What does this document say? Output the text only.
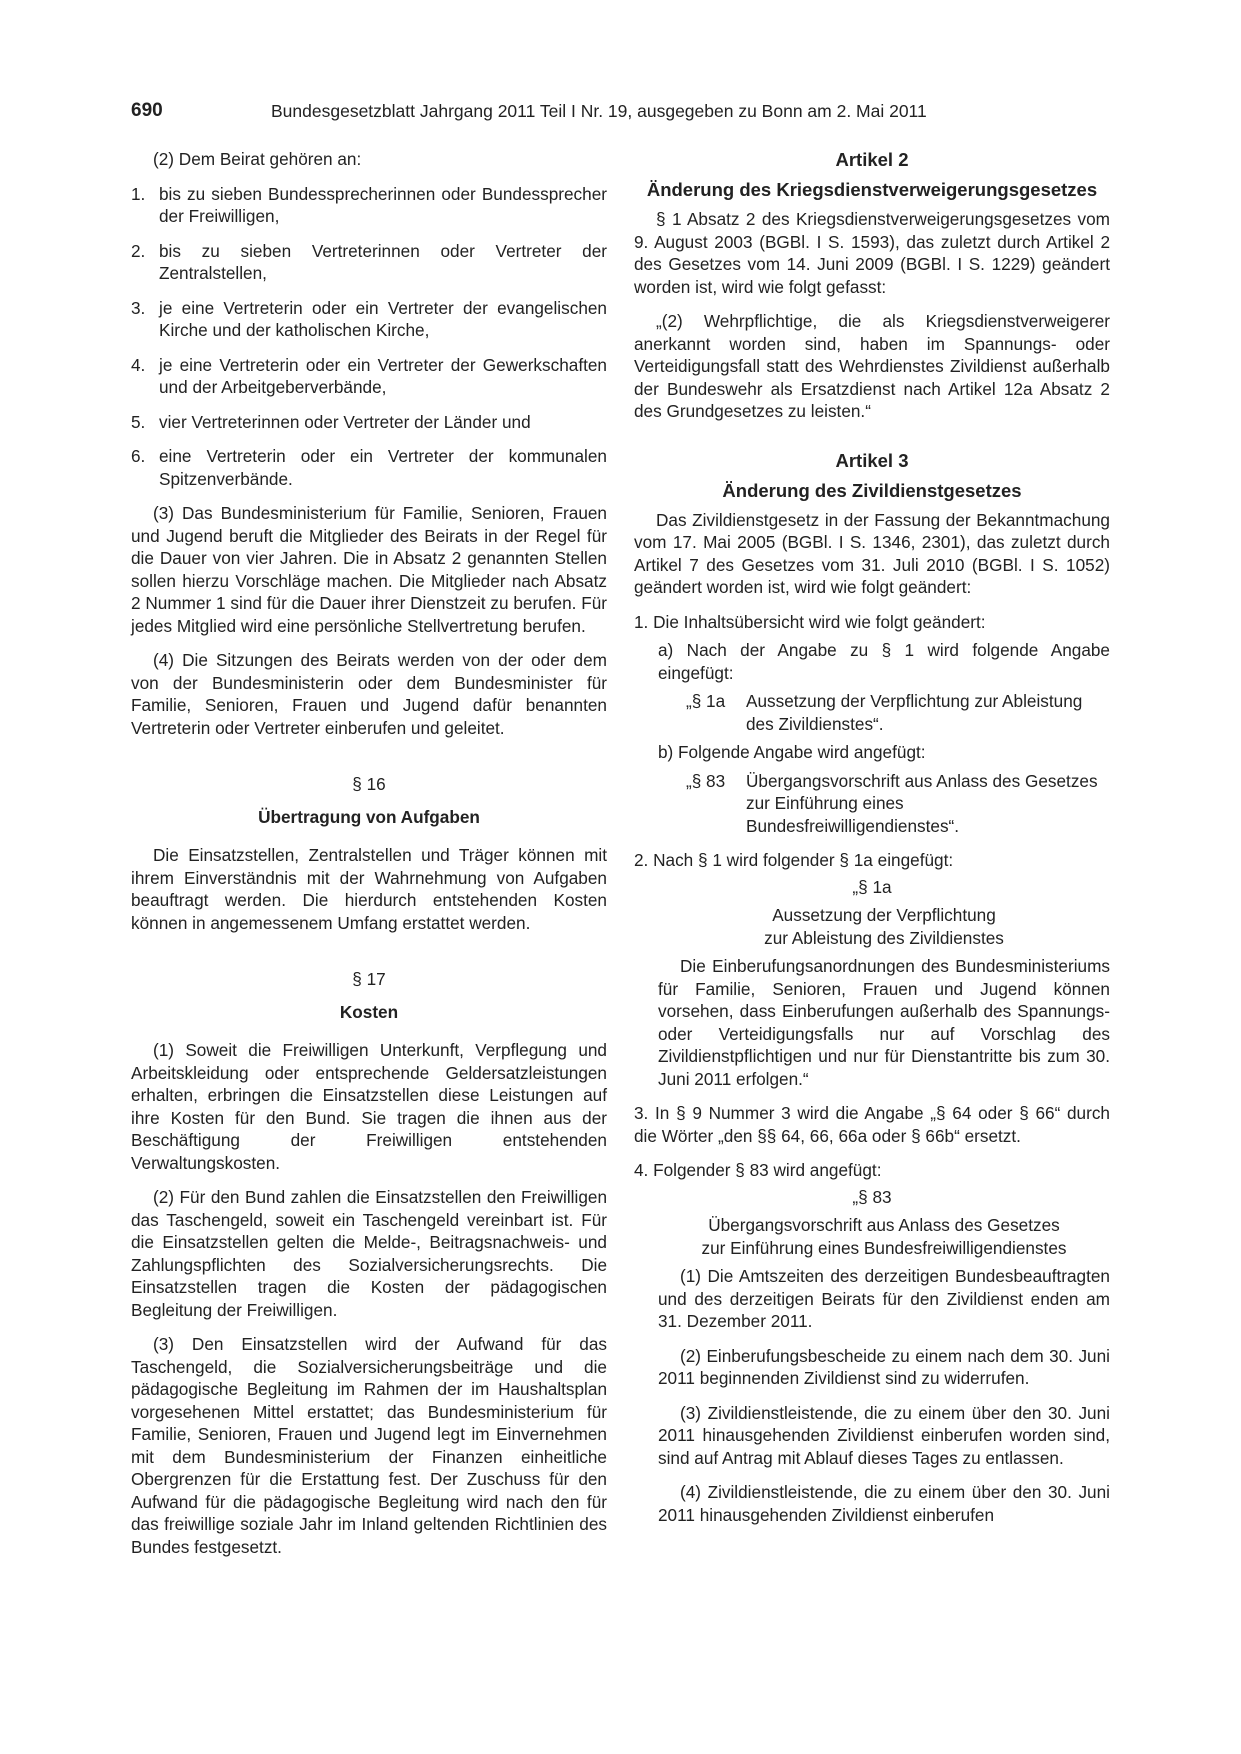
690	Bundesgesetzblatt Jahrgang 2011 Teil I Nr. 19, ausgegeben zu Bonn am 2. Mai 2011

(2) Dem Beirat gehören an:

1. bis zu sieben Bundessprecherinnen oder Bundessprecher der Freiwilligen,
2. bis zu sieben Vertreterinnen oder Vertreter der Zentralstellen,
3. je eine Vertreterin oder ein Vertreter der evangelischen Kirche und der katholischen Kirche,
4. je eine Vertreterin oder ein Vertreter der Gewerkschaften und der Arbeitgeberverbände,
5. vier Vertreterinnen oder Vertreter der Länder und
6. eine Vertreterin oder ein Vertreter der kommunalen Spitzenverbände.

(3) Das Bundesministerium für Familie, Senioren, Frauen und Jugend beruft die Mitglieder des Beirats in der Regel für die Dauer von vier Jahren. Die in Absatz 2 genannten Stellen sollen hierzu Vorschläge machen. Die Mitglieder nach Absatz 2 Nummer 1 sind für die Dauer ihrer Dienstzeit zu berufen. Für jedes Mitglied wird eine persönliche Stellvertretung berufen.

(4) Die Sitzungen des Beirats werden von der oder dem von der Bundesministerin oder dem Bundesminister für Familie, Senioren, Frauen und Jugend dafür benannten Vertreterin oder Vertreter einberufen und geleitet.

§ 16
Übertragung von Aufgaben

Die Einsatzstellen, Zentralstellen und Träger können mit ihrem Einverständnis mit der Wahrnehmung von Aufgaben beauftragt werden. Die hierdurch entstehenden Kosten können in angemessenem Umfang erstattet werden.

§ 17
Kosten

(1) Soweit die Freiwilligen Unterkunft, Verpflegung und Arbeitskleidung oder entsprechende Geldersatzleistungen erhalten, erbringen die Einsatzstellen diese Leistungen auf ihre Kosten für den Bund. Sie tragen die ihnen aus der Beschäftigung der Freiwilligen entstehenden Verwaltungskosten.

(2) Für den Bund zahlen die Einsatzstellen den Freiwilligen das Taschengeld, soweit ein Taschengeld vereinbart ist. Für die Einsatzstellen gelten die Melde-, Beitragsnachweis- und Zahlungspflichten des Sozialversicherungsrechts. Die Einsatzstellen tragen die Kosten der pädagogischen Begleitung der Freiwilligen.

(3) Den Einsatzstellen wird der Aufwand für das Taschengeld, die Sozialversicherungsbeiträge und die pädagogische Begleitung im Rahmen der im Haushaltsplan vorgesehenen Mittel erstattet; das Bundesministerium für Familie, Senioren, Frauen und Jugend legt im Einvernehmen mit dem Bundesministerium der Finanzen einheitliche Obergrenzen für die Erstattung fest. Der Zuschuss für den Aufwand für die pädagogische Begleitung wird nach den für das freiwillige soziale Jahr im Inland geltenden Richtlinien des Bundes festgesetzt.

Artikel 2
Änderung des Kriegsdienstverweigerungsgesetzes

§ 1 Absatz 2 des Kriegsdienstverweigerungsgesetzes vom 9. August 2003 (BGBl. I S. 1593), das zuletzt durch Artikel 2 des Gesetzes vom 14. Juni 2009 (BGBl. I S. 1229) geändert worden ist, wird wie folgt gefasst:

„(2) Wehrpflichtige, die als Kriegsdienstverweigerer anerkannt worden sind, haben im Spannungs- oder Verteidigungsfall statt des Wehrdienstes Zivildienst außerhalb der Bundeswehr als Ersatzdienst nach Artikel 12a Absatz 2 des Grundgesetzes zu leisten.“

Artikel 3
Änderung des Zivildienstgesetzes

Das Zivildienstgesetz in der Fassung der Bekanntmachung vom 17. Mai 2005 (BGBl. I S. 1346, 2301), das zuletzt durch Artikel 7 des Gesetzes vom 31. Juli 2010 (BGBl. I S. 1052) geändert worden ist, wird wie folgt geändert:

1. Die Inhaltsübersicht wird wie folgt geändert:

a) Nach der Angabe zu § 1 wird folgende Angabe eingefügt:

„§ 1a Aussetzung der Verpflichtung zur Ableistung des Zivildienstes“.

b) Folgende Angabe wird angefügt:

„§ 83 Übergangsvorschrift aus Anlass des Gesetzes zur Einführung eines Bundesfreiwilligendienstes“.

2. Nach § 1 wird folgender § 1a eingefügt:

„§ 1a
Aussetzung der Verpflichtung
zur Ableistung des Zivildienstes

Die Einberufungsanordnungen des Bundesministeriums für Familie, Senioren, Frauen und Jugend können vorsehen, dass Einberufungen außerhalb des Spannungs- oder Verteidigungsfalls nur auf Vorschlag des Zivildienstpflichtigen und nur für Dienstantritte bis zum 30. Juni 2011 erfolgen.“

3. In § 9 Nummer 3 wird die Angabe „§ 64 oder § 66“ durch die Wörter „den §§ 64, 66, 66a oder § 66b“ ersetzt.

4. Folgender § 83 wird angefügt:

„§ 83
Übergangsvorschrift aus Anlass des Gesetzes
zur Einführung eines Bundesfreiwilligendienstes

(1) Die Amtszeiten des derzeitigen Bundesbeauftragten und des derzeitigen Beirats für den Zivildienst enden am 31. Dezember 2011.

(2) Einberufungsbescheide zu einem nach dem 30. Juni 2011 beginnenden Zivildienst sind zu widerrufen.

(3) Zivildienstleistende, die zu einem über den 30. Juni 2011 hinausgehenden Zivildienst einberufen worden sind, sind auf Antrag mit Ablauf dieses Tages zu entlassen.

(4) Zivildienstleistende, die zu einem über den 30. Juni 2011 hinausgehenden Zivildienst einberufen
